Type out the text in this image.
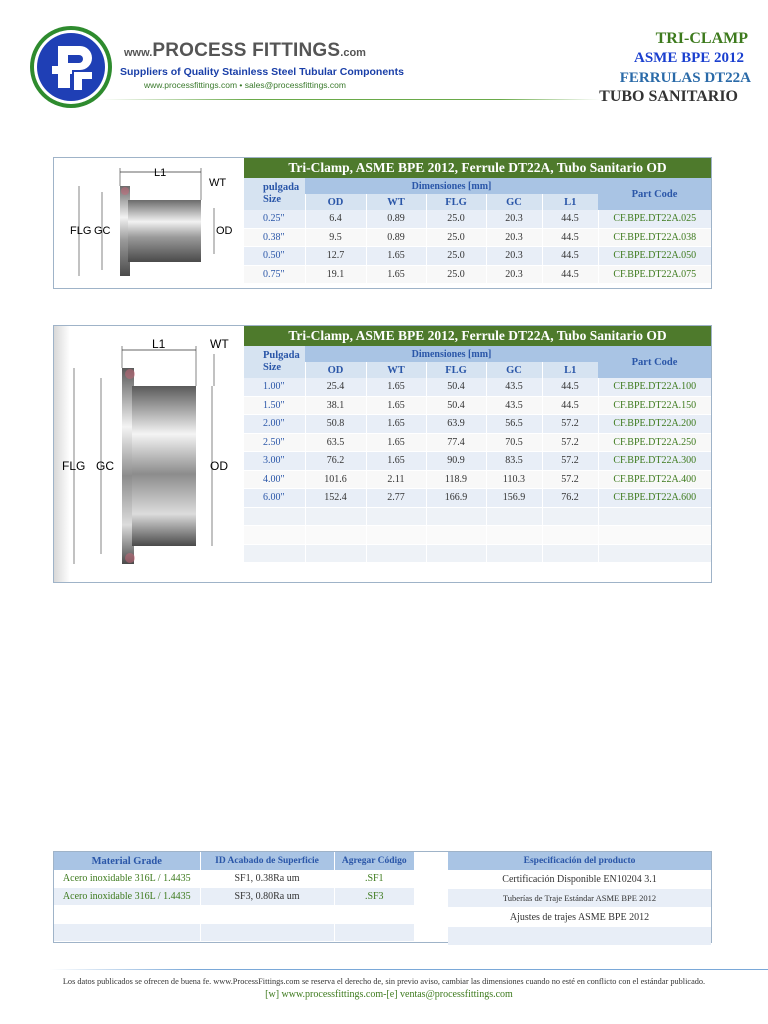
www.PROCESS FITTINGS.com
Suppliers of Quality Stainless Steel Tubular Components
www.processfittings.com • sales@processfittings.com
TRI-CLAMP
ASME BPE 2012
FERRULAS DT22A
TUBO SANITARIO
L1
WT
FLG GC	OD
Tri-Clamp, ASME BPE 2012, Ferrule DT22A, Tubo Sanitario OD
pulgada
Size	Dimensiones [mm]					Part Code
	OD	WT	FLG	GC	L1	
0.25"	6.4	0.89	25.0	20.3	44.5	CF.BPE.DT22A.025
0.38"	9.5	0.89	25.0	20.3	44.5	CF.BPE.DT22A.038
0.50"	12.7	1.65	25.0	20.3	44.5	CF.BPE.DT22A.050
0.75"	19.1	1.65	25.0	20.3	44.5	CF.BPE.DT22A.075
L1	WT
FLG GC	OD
Tri-Clamp, ASME BPE 2012, Ferrule DT22A, Tubo Sanitario OD
Pulgada
Size	Dimensiones [mm]					Part Code
	OD	WT	FLG	GC	L1	
1.00"	25.4	1.65	50.4	43.5	44.5	CF.BPE.DT22A.100
1.50"	38.1	1.65	50.4	43.5	44.5	CF.BPE.DT22A.150
2.00"	50.8	1.65	63.9	56.5	57.2	CF.BPE.DT22A.200
2.50"	63.5	1.65	77.4	70.5	57.2	CF.BPE.DT22A.250
3.00"	76.2	1.65	90.9	83.5	57.2	CF.BPE.DT22A.300
4.00"	101.6	2.11	118.9	110.3	57.2	CF.BPE.DT22A.400
6.00"	152.4	2.77	166.9	156.9	76.2	CF.BPE.DT22A.600

Material Grade	ID Acabado de Superficie	Agregar Código
Acero inoxidable 316L / 1.4435	SF1, 0.38Ra um	.SF1
Acero inoxidable 316L / 1.4435	SF3, 0.80Ra um	.SF3

Especificación del producto
Certificación Disponible EN10204 3.1
Tuberías de Traje Estándar ASME BPE 2012
Ajustes de trajes ASME BPE 2012

Los datos publicados se ofrecen de buena fe. www.ProcessFittings.com se reserva el derecho de, sin previo aviso, cambiar las dimensiones cuando no esté en conflicto con el estándar publicado.
[w] www.processfittings.com-[e] ventas@processfittings.com
